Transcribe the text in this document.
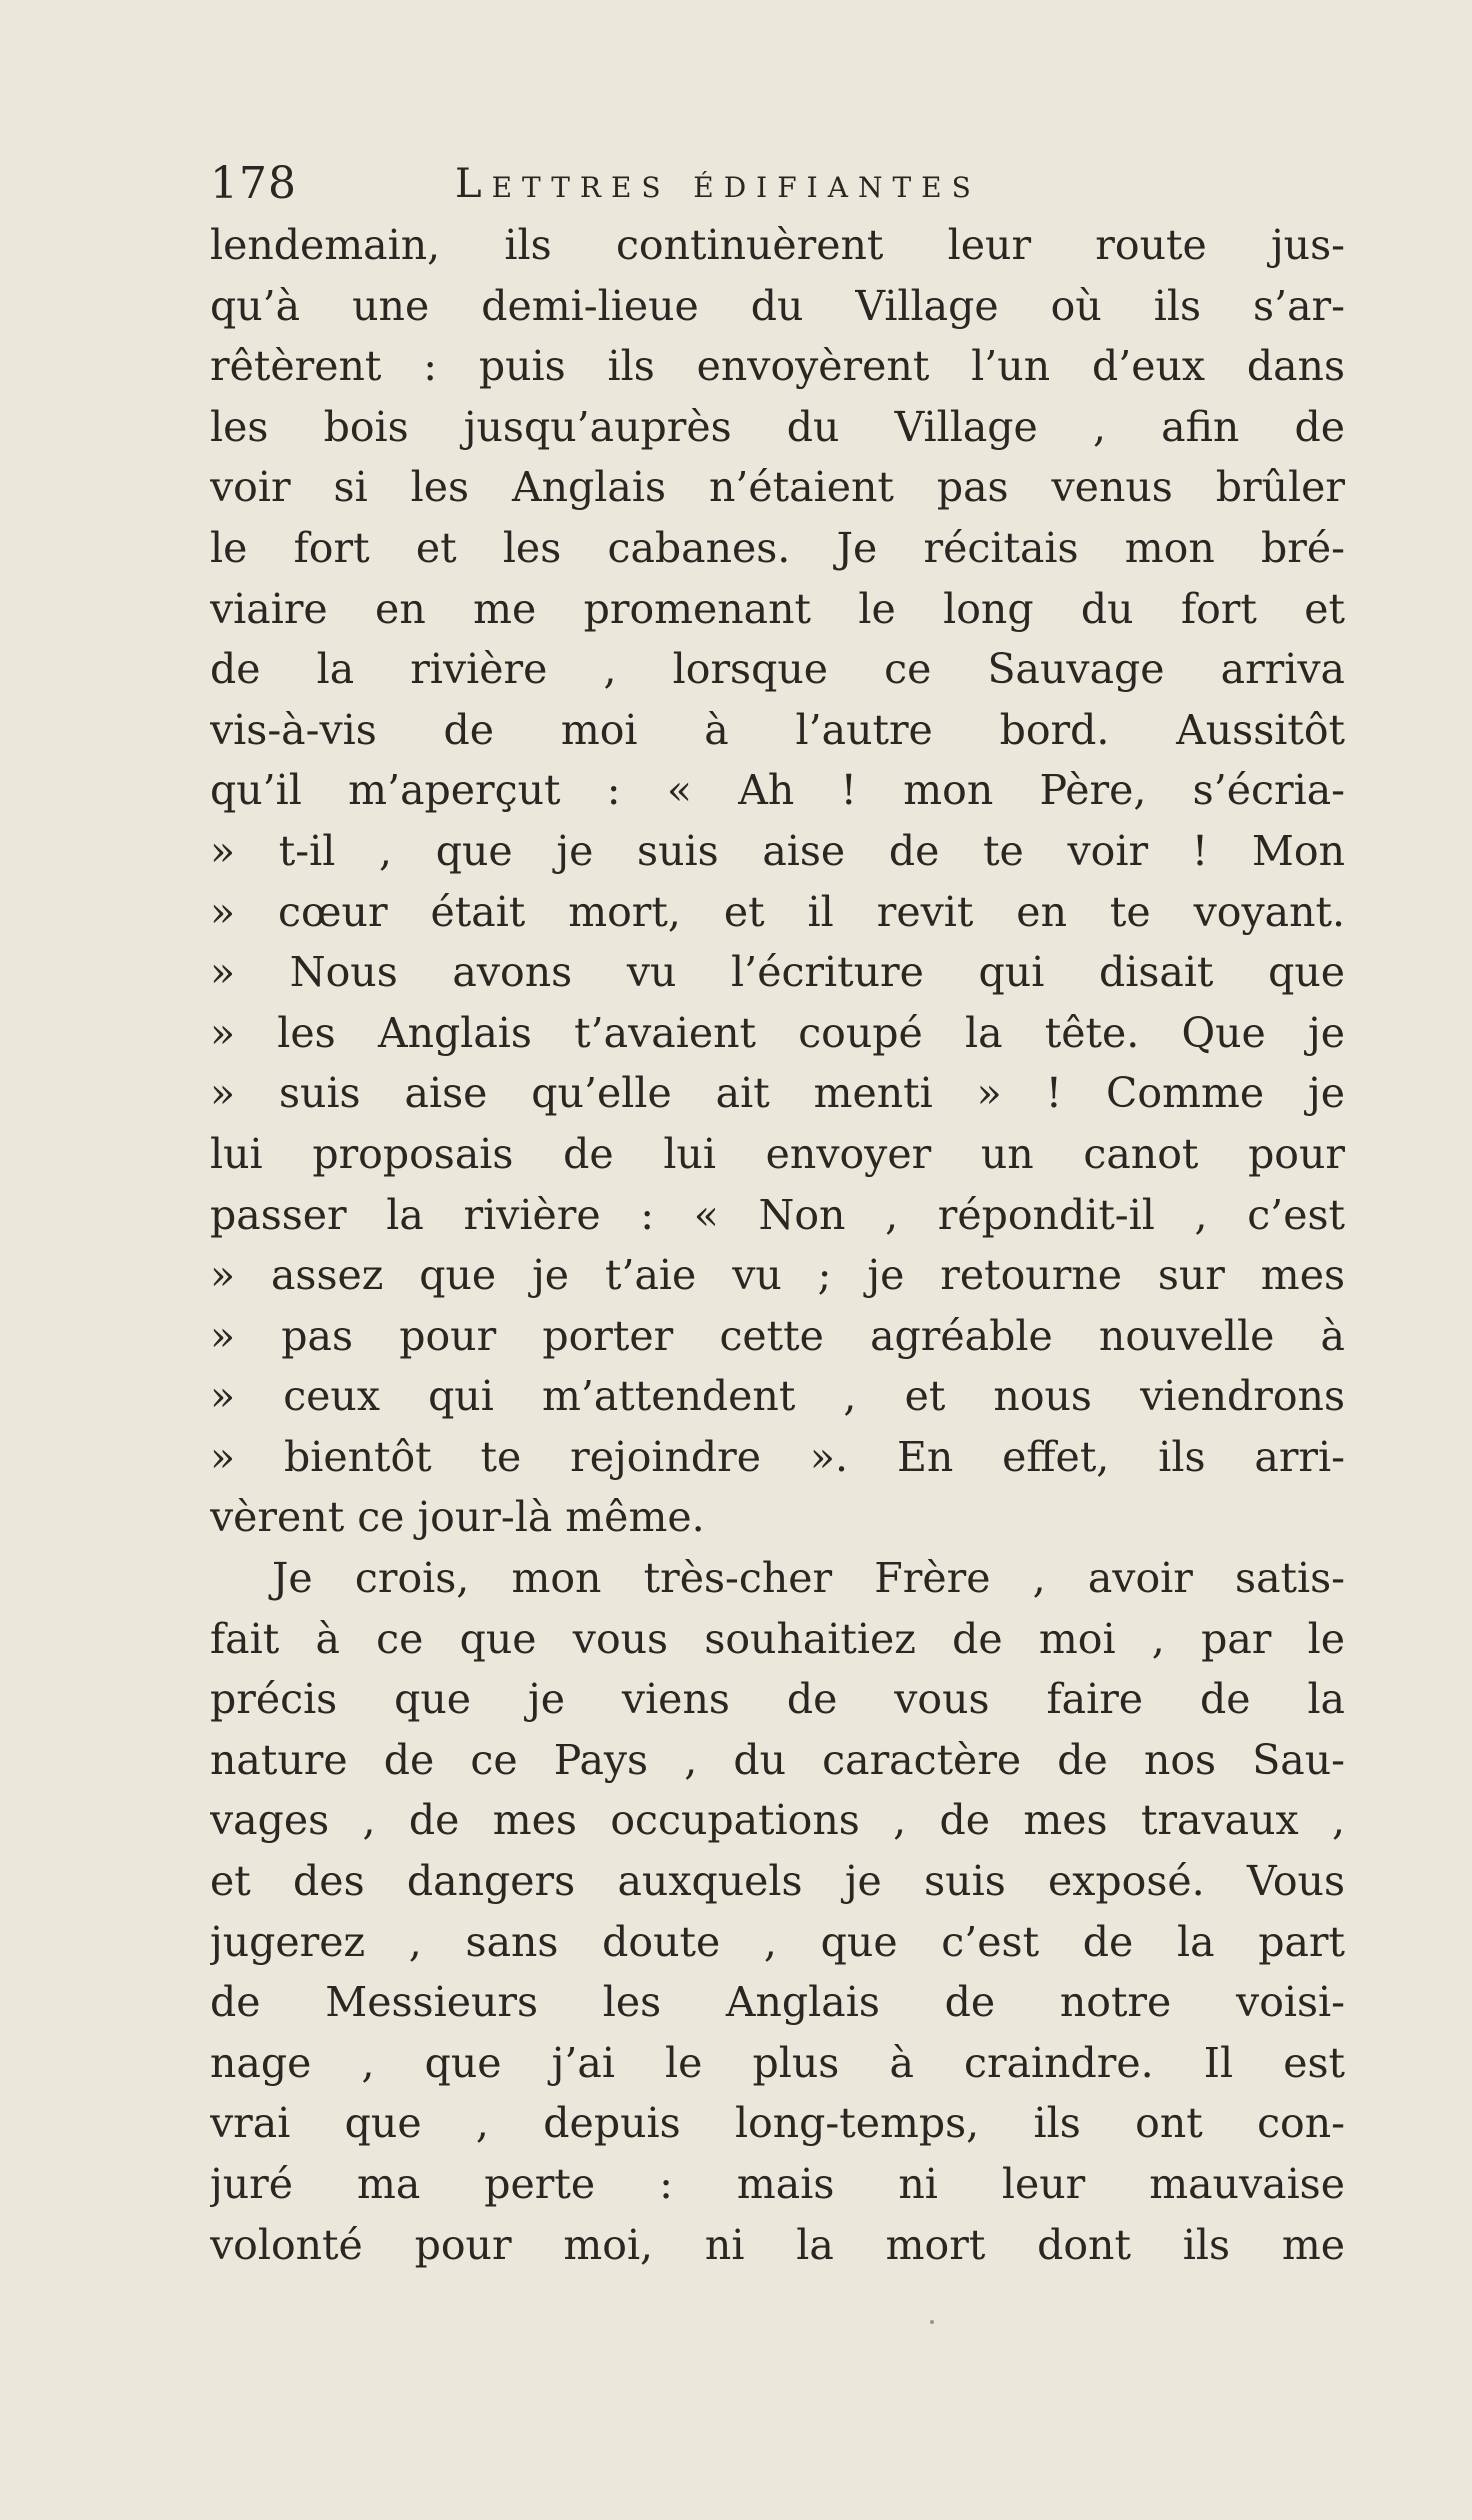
178	Lettres édifiantes
lendemain, ils continuèrent leur route jus-
qu’à une demi-lieue du Village où ils s’ar-
rêtèrent : puis ils envoyèrent l’un d’eux dans
les bois jusqu’auprès du Village , afin de
voir si les Anglais n’étaient pas venus brûler
le fort et les cabanes. Je récitais mon bré-
viaire en me promenant le long du fort et
de la rivière , lorsque ce Sauvage arriva
vis-à-vis de moi à l’autre bord. Aussitôt
qu’il m’aperçut : « Ah ! mon Père, s’écria-
» t-il , que je suis aise de te voir ! Mon
» cœur était mort, et il revit en te voyant.
» Nous avons vu l’écriture qui disait que
» les Anglais t’avaient coupé la tête. Que je
» suis aise qu’elle ait menti » ! Comme je
lui proposais de lui envoyer un canot pour
passer la rivière : « Non , répondit-il , c’est
» assez que je t’aie vu ; je retourne sur mes
» pas pour porter cette agréable nouvelle à
» ceux qui m’attendent , et nous viendrons
» bientôt te rejoindre ». En effet, ils arri-
vèrent ce jour-là même.
Je crois, mon très-cher Frère , avoir satis-
fait à ce que vous souhaitiez de moi , par le
précis que je viens de vous faire de la
nature de ce Pays , du caractère de nos Sau-
vages , de mes occupations , de mes travaux ,
et des dangers auxquels je suis exposé. Vous
jugerez , sans doute , que c’est de la part
de Messieurs les Anglais de notre voisi-
nage , que j’ai le plus à craindre. Il est
vrai que , depuis long-temps, ils ont con-
juré ma perte : mais ni leur mauvaise
volonté pour moi, ni la mort dont ils me
